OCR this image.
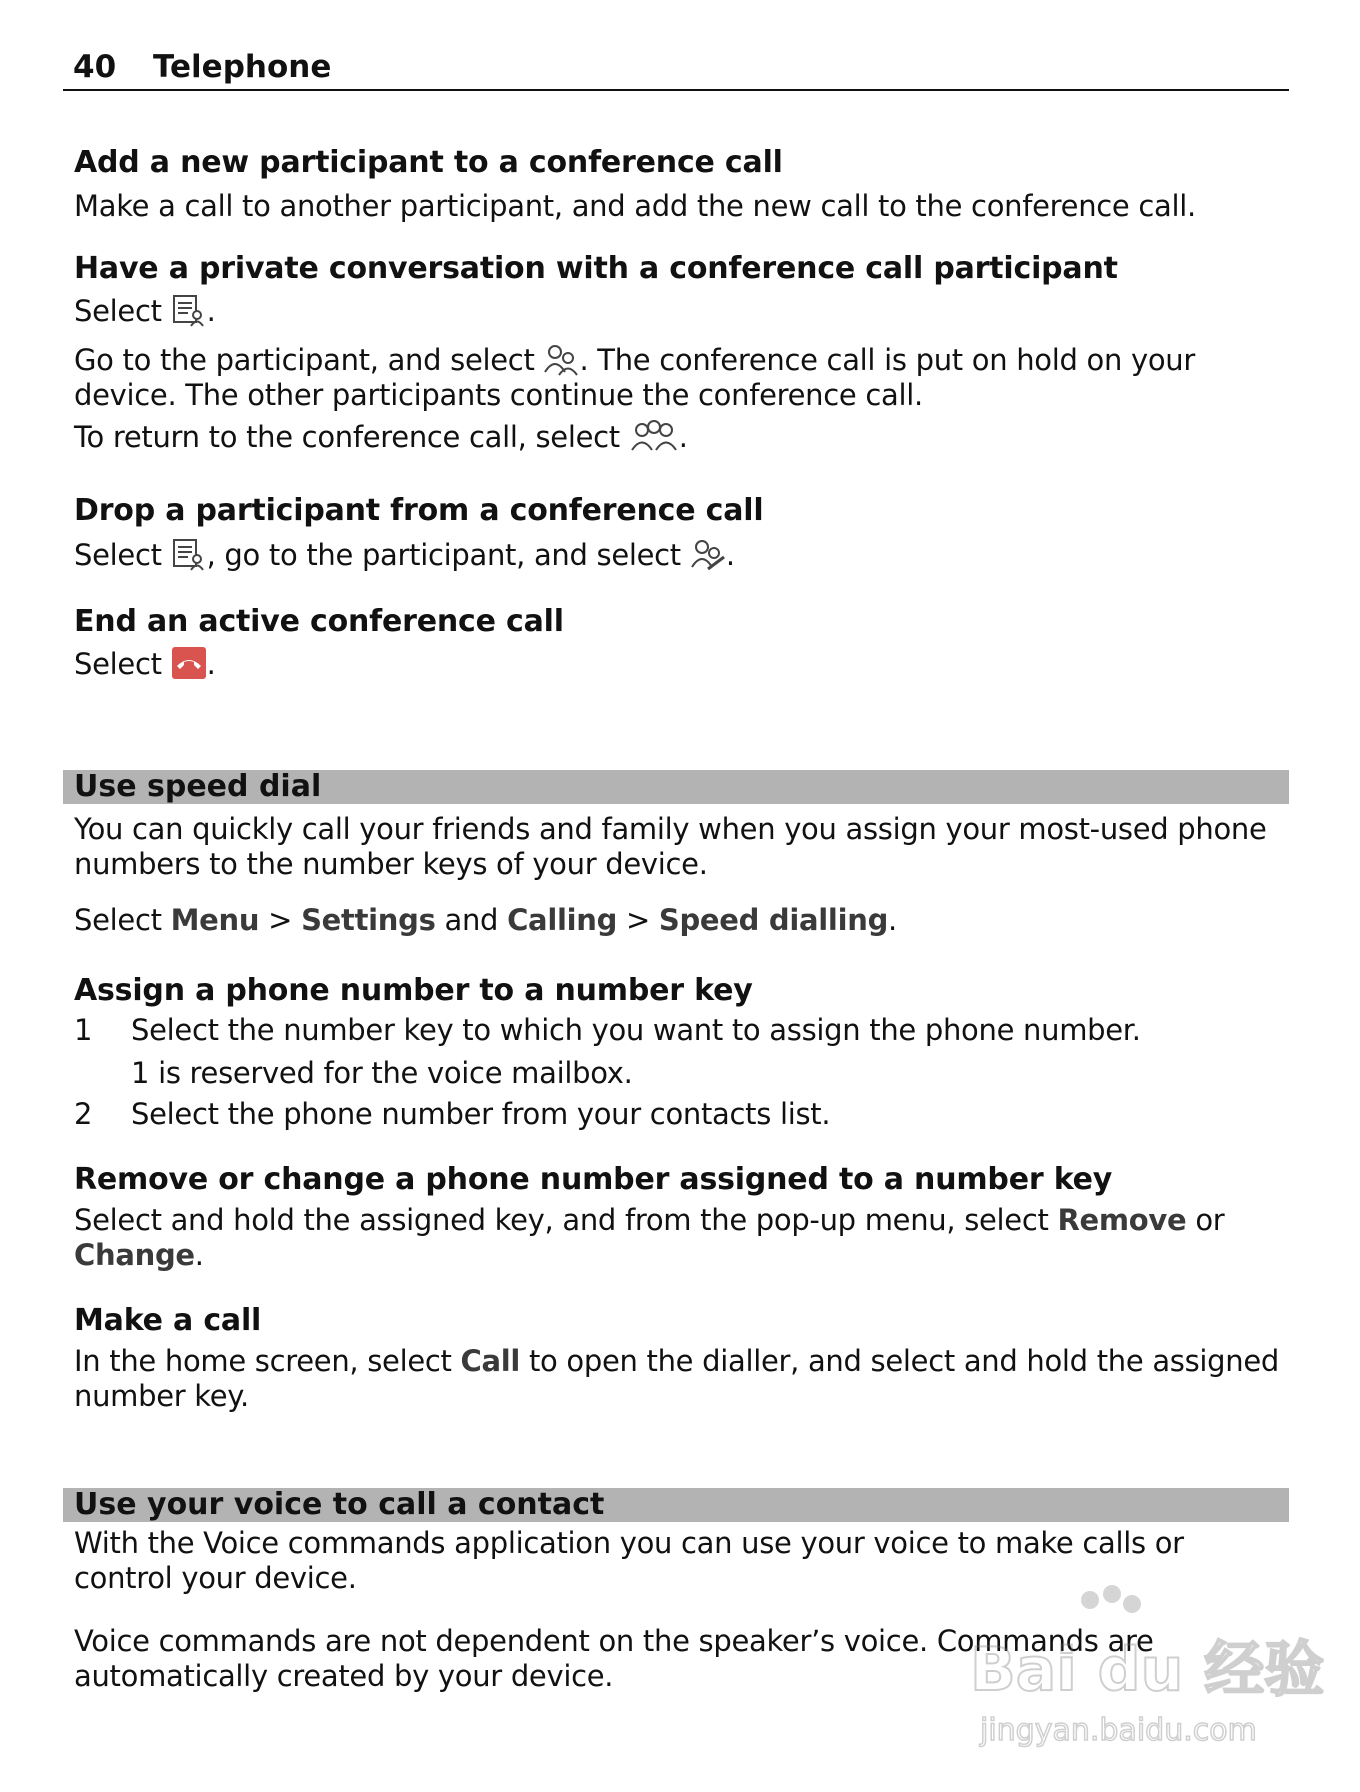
40 Telephone
Add a new participant to a conference call

Make a call to another participant, and add the new call to the conference call.

Have a private conversation with a conference call participant

Select .

Go to the participant, and select . The conference call is put on hold on your device. The other participants continue the conference call.

To return to the conference call, select .

Drop a participant from a conference call

Select , go to the participant, and select .

End an active conference call

Select .

Use speed dial

You can quickly call your friends and family when you assign your most-used phone numbers to the number keys of your device.

Select Menu > Settings and Calling > Speed dialling.

Assign a phone number to a number key
1	Select the number key to which you want to assign the phone number.
1 is reserved for the voice mailbox.
2	Select the phone number from your contacts list.
Remove or change a phone number assigned to a number key

Select and hold the assigned key, and from the pop-up menu, select Remove or Change.

Make a call

In the home screen, select Call to open the dialler, and select and hold the assigned number key.

Use your voice to call a contact

With the Voice commands application you can use your voice to make calls or control your device.

Voice commands are not dependent on the speaker’s voice. Commands are automatically created by your device.	Bai du 经验
jingyan.baidu.com
